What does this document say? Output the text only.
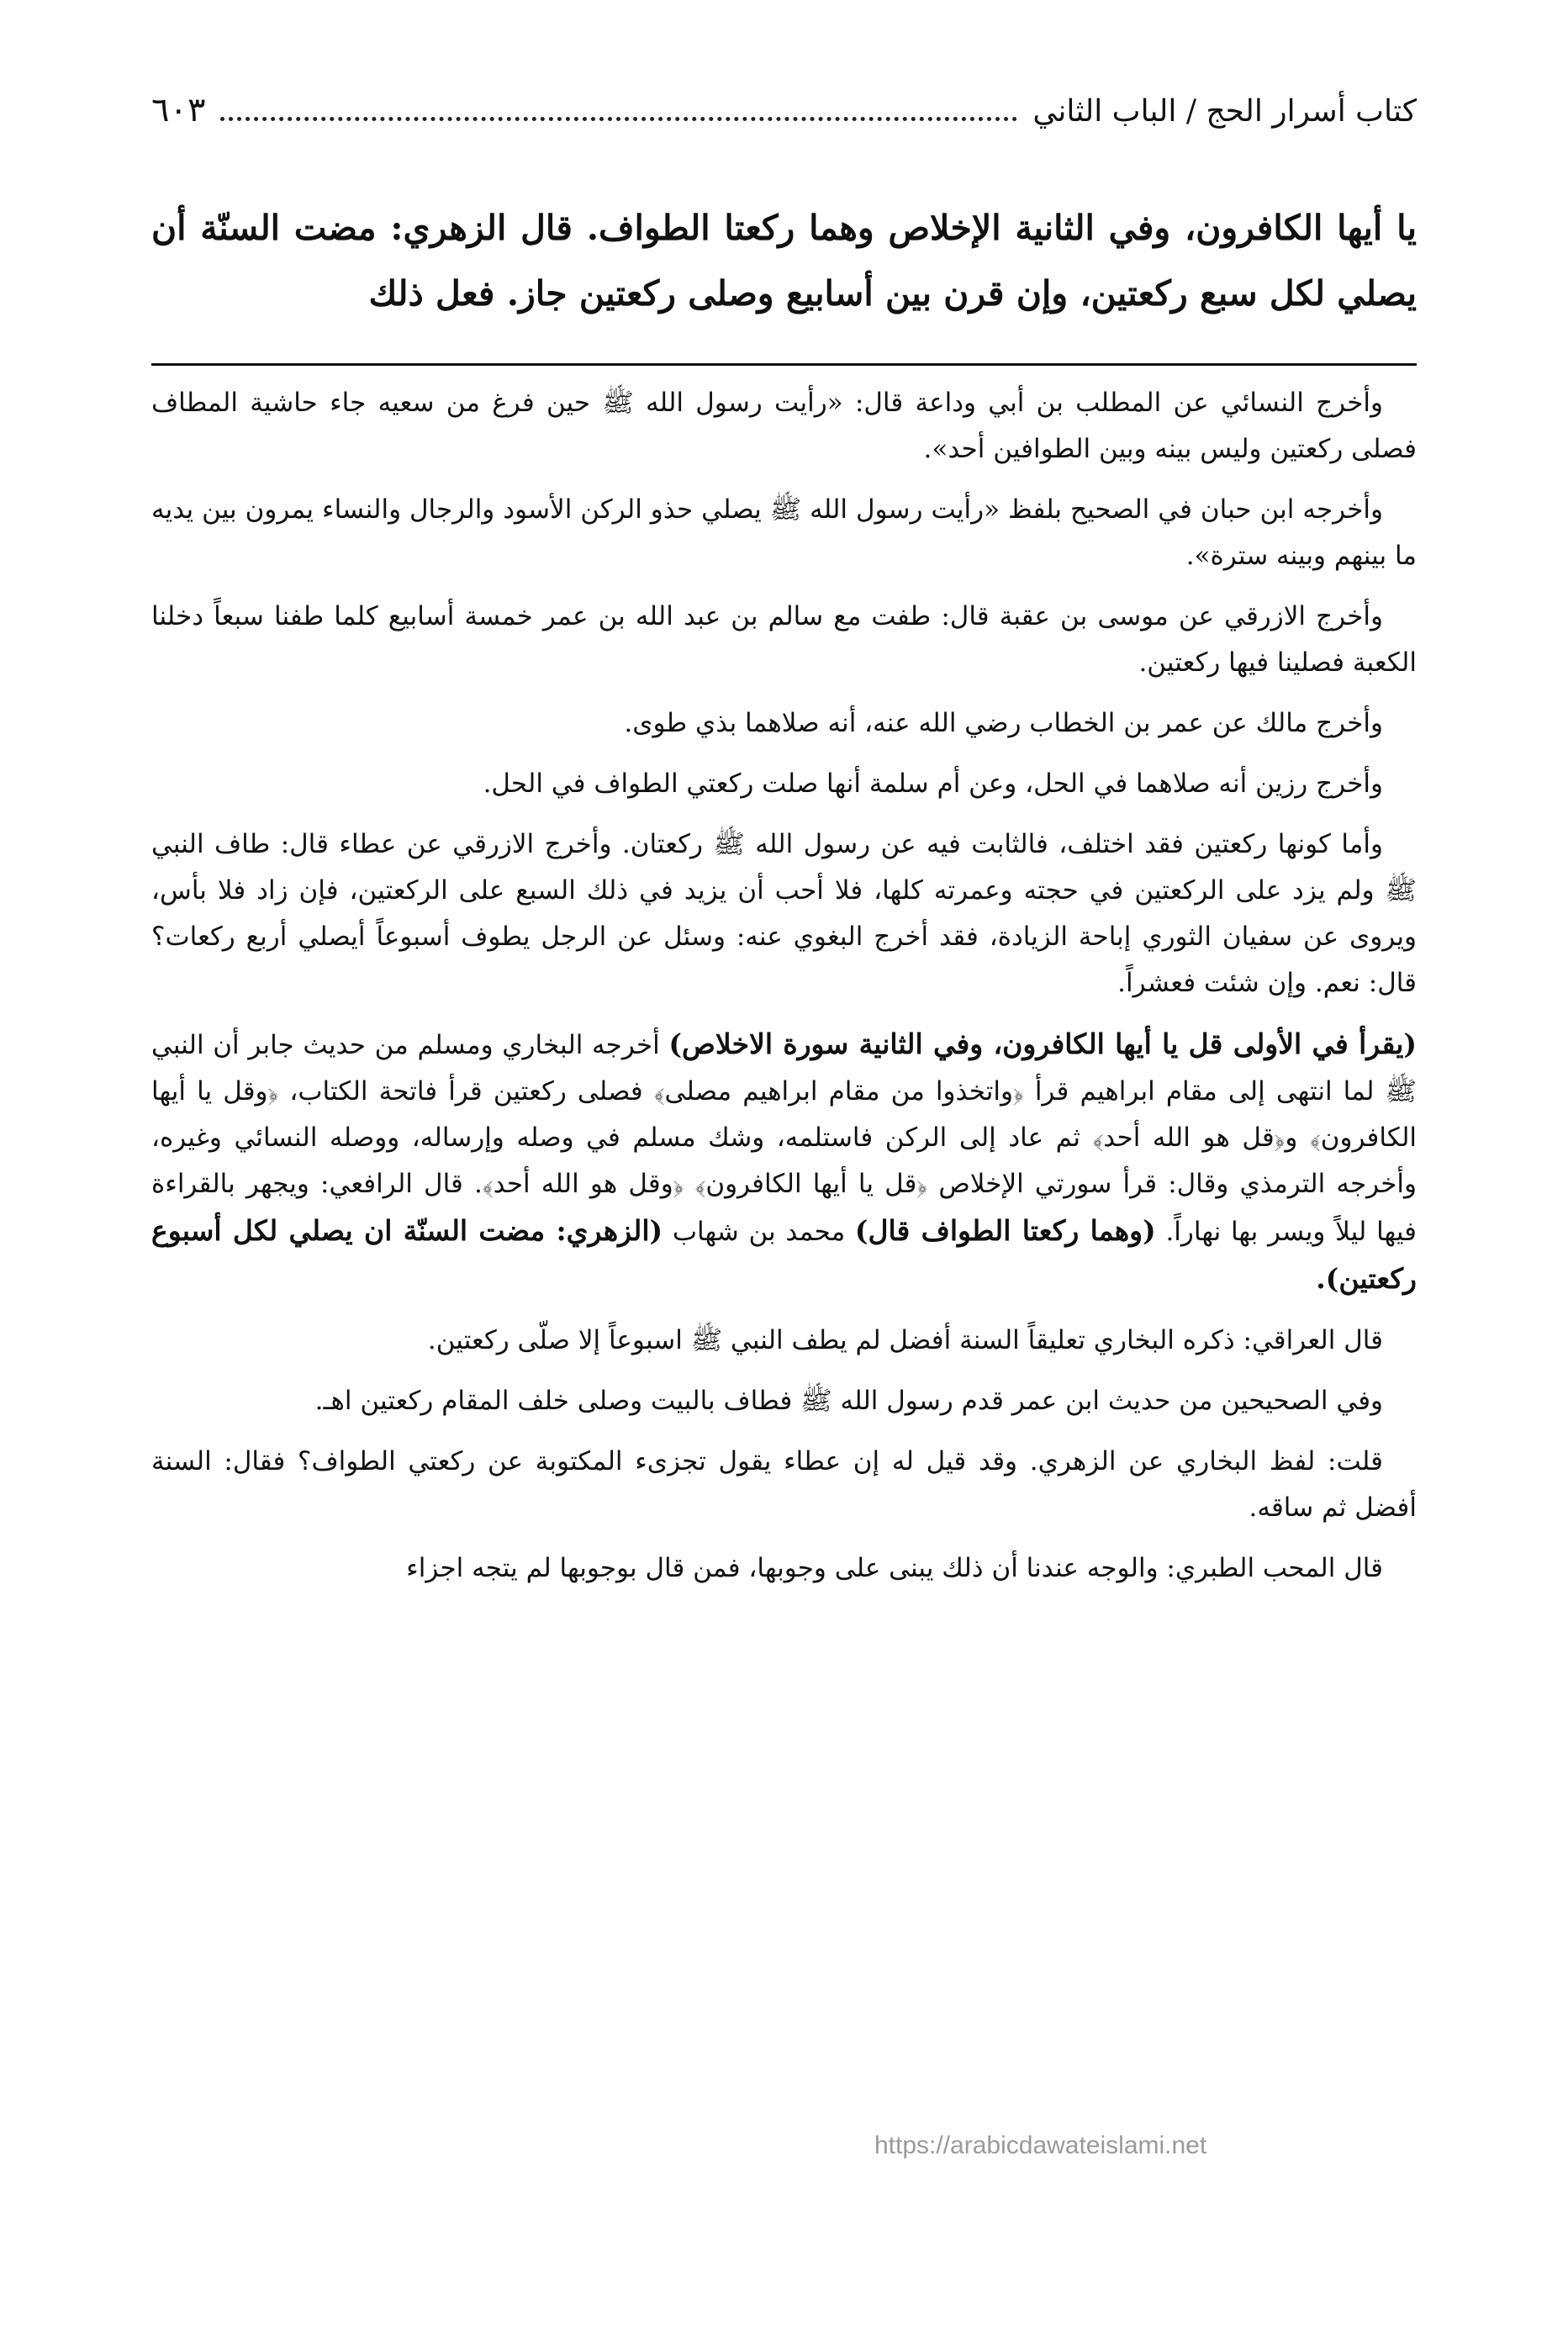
كتاب أسرار الحج / الباب الثاني
٦٠٣
يا أيها الكافرون، وفي الثانية الإخلاص وهما ركعتا الطواف. قال الزهري: مضت السنّة أن يصلي لكل سبع ركعتين، وإن قرن بين أسابيع وصلى ركعتين جاز. فعل ذلك

وأخرج النسائي عن المطلب بن أبي وداعة قال: «رأيت رسول الله ﷺ حين فرغ من سعيه جاء حاشية المطاف فصلى ركعتين وليس بينه وبين الطوافين أحد».

وأخرجه ابن حبان في الصحيح بلفظ «رأيت رسول الله ﷺ يصلي حذو الركن الأسود والرجال والنساء يمرون بين يديه ما بينهم وبينه سترة».

وأخرج الازرقي عن موسى بن عقبة قال: طفت مع سالم بن عبد الله بن عمر خمسة أسابيع كلما طفنا سبعاً دخلنا الكعبة فصلينا فيها ركعتين.

وأخرج مالك عن عمر بن الخطاب رضي الله عنه، أنه صلاهما بذي طوى.

وأخرج رزين أنه صلاهما في الحل، وعن أم سلمة أنها صلت ركعتي الطواف في الحل.

وأما كونها ركعتين فقد اختلف، فالثابت فيه عن رسول الله ﷺ ركعتان. وأخرج الازرقي عن عطاء قال: طاف النبي ﷺ ولم يزد على الركعتين في حجته وعمرته كلها، فلا أحب أن يزيد في ذلك السبع على الركعتين، فإن زاد فلا بأس، ويروى عن سفيان الثوري إباحة الزيادة، فقد أخرج البغوي عنه: وسئل عن الرجل يطوف أسبوعاً أيصلي أربع ركعات؟ قال: نعم. وإن شئت فعشراً.

(يقرأ في الأولى قل يا أيها الكافرون، وفي الثانية سورة الاخلاص) أخرجه البخاري ومسلم من حديث جابر أن النبي ﷺ لما انتهى إلى مقام ابراهيم قرأ ﴿واتخذوا من مقام ابراهيم مصلى﴾ فصلى ركعتين قرأ فاتحة الكتاب، ﴿وقل يا أيها الكافرون﴾ و﴿قل هو الله أحد﴾ ثم عاد إلى الركن فاستلمه، وشك مسلم في وصله وإرساله، ووصله النسائي وغيره، وأخرجه الترمذي وقال: قرأ سورتي الإخلاص ﴿قل يا أيها الكافرون﴾ ﴿وقل هو الله أحد﴾. قال الرافعي: ويجهر بالقراءة فيها ليلاً ويسر بها نهاراً. (وهما ركعتا الطواف قال) محمد بن شهاب (الزهري: مضت السنّة ان يصلي لكل أسبوع ركعتين).

قال العراقي: ذكره البخاري تعليقاً السنة أفضل لم يطف النبي ﷺ اسبوعاً إلا صلّى ركعتين.

وفي الصحيحين من حديث ابن عمر قدم رسول الله ﷺ فطاف بالبيت وصلى خلف المقام ركعتين اهـ.

قلت: لفظ البخاري عن الزهري. وقد قيل له إن عطاء يقول تجزىء المكتوبة عن ركعتي الطواف؟ فقال: السنة أفضل ثم ساقه.

قال المحب الطبري: والوجه عندنا أن ذلك يبنى على وجوبها، فمن قال بوجوبها لم يتجه اجزاء

https://arabicdawateislami.net
